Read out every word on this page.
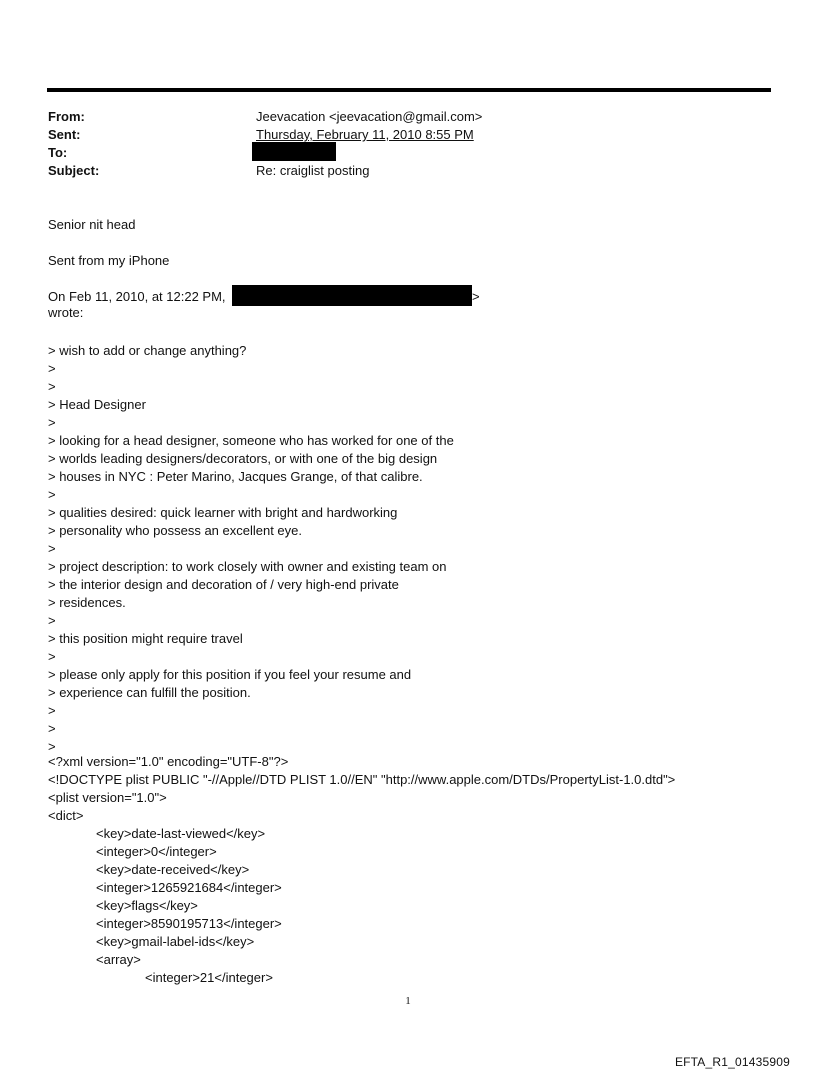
From:	Jeevacation <jeevacation@gmail.com>
Sent:	Thursday, February 11, 2010 8:55 PM
To:
Subject:	Re: craiglist posting
Senior nit head
Sent from my iPhone
On Feb 11, 2010, at 12:22 PM,	>
wrote:
> wish to add or change anything?
>
>
> Head Designer
>
> looking for a head designer, someone who has worked for one of the
> worlds leading designers/decorators, or with one of the big design
> houses in NYC : Peter Marino, Jacques Grange, of that calibre.
>
> qualities desired: quick learner with bright and hardworking
> personality who possess an excellent eye.
>
> project description: to work closely with owner and existing team on
> the interior design and decoration of / very high-end private
> residences.
>
> this position might require travel
>
> please only apply for this position if you feel your resume and
> experience can fulfill the position.
>
>
>
<?xml version="1.0" encoding="UTF-8"?>
<!DOCTYPE plist PUBLIC "-//Apple//DTD PLIST 1.0//EN" "http://www.apple.com/DTDs/PropertyList-1.0.dtd">
<plist version="1.0">
<dict>
<key>date-last-viewed</key>
<integer>0</integer>
<key>date-received</key>
<integer>1265921684</integer>
<key>flags</key>
<integer>8590195713</integer>
<key>gmail-label-ids</key>
<array>
<integer>21</integer>
1
EFTA_R1_01435909
